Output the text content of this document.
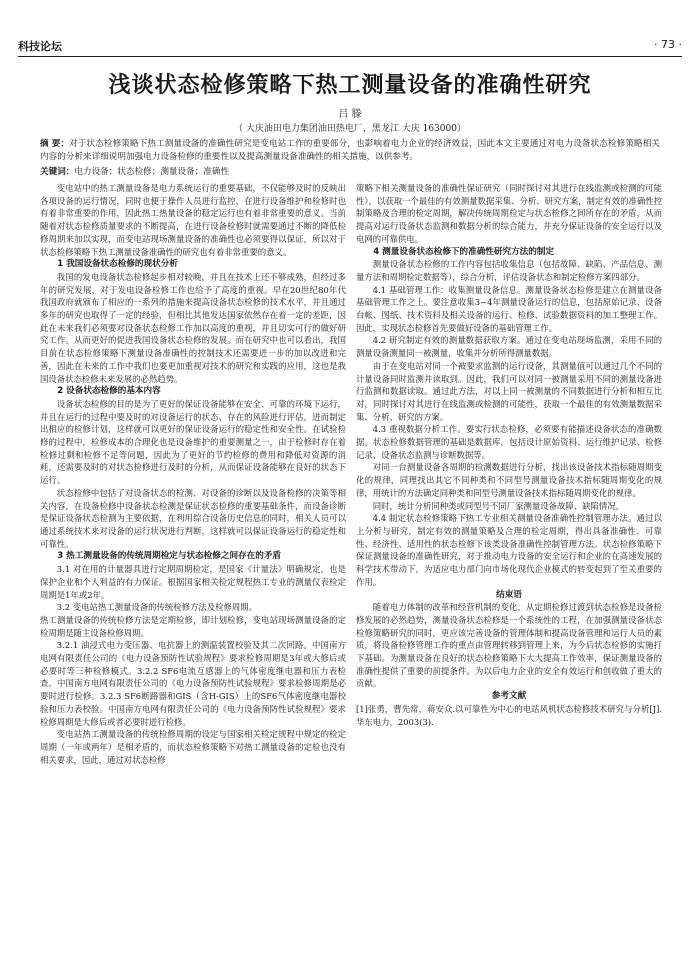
科技论坛	· 73 ·
浅谈状态检修策略下热工测量设备的准确性研究
吕 滕
（ 大庆油田电力集团油田热电厂，黑龙江 大庆 163000）
摘 要：对于状态检修策略下热工测量设备的准确性研究是变电站工作的重要部分，也影响着电力企业的经济效益，因此本文主要通过对电力设备状态检修策略相关内容的分析来详细说明加强电力设备检修的重要性以及提高测量设备准确性的相关措施，以供参考。
关键词：电力设备；状态检修；测量设备；准确性

变电站中的热工测量设备是电力系统运行的重要基础，不仅能够及时的反映出各项设备的运行情况，同时也便于操作人员进行监控，在进行设备维护和检修时也有着非常重要的作用，因此热工热量设备的稳定运行也有着非常重要的意义。当前随着对状态检修质量要求的不断提高，在进行设备检修时就需要通过不断的降低检修周期来加以实现，而变电站现场测量设备的准确性也必须要得以保证，所以对于状态检修策略下热工测量设备准确性的研究也有着非常重要的意义。

1 我国设备状态检修的现状分析

我国的发电设备状态检修起步相对较晚，并且在技术上还不够成熟，但经过多年的研究发展，对于发电设备检修工作也给予了高度的重视。早在20世纪80年代我国政府就颁布了相应的一系列的措施来提高设备状态检修的技术水平，并且通过多年的研究也取得了一定的经验，但相比其他发达国家依然存在着一定的差距，因此在未来我们必须要对设备状态检修工作加以高度的重视，并且切实可行的做好研究工作。从而更好的促进我国设备状态检修的发展。而在研究中也可以看出，我国目前在状态检修策略下测量设备准确性的控制技术还需要进一步的加以改进和完善，因此在未来的工作中我们也要更加重视对技术的研究和实践的应用，这也是我国设备状态检修未来发展的必然趋势。

2 设备状态检修的基本内容

设备状态检修的目的是为了更好的保证设备能够在安全、可靠的环境下运行，并且在运行的过程中要及时的对设备运行的状态、存在的风险进行评估，进而制定出相应的检修计划，这样就可以更好的保证设备运行的稳定性和安全性。在试验检修的过程中，检修成本的合理化也是设备维护的重要测量之一，由于检修时存在着检修过剩和检修不足等问题，因此为了更好的节约检修的费用和降低对资源的消耗，还需要及时的对状态检修进行及时的分析，从而保证设备能够在良好的状态下运行。

状态检修中包括了对设备状态的检测、对设备的诊断以及设备检修的决策等相关内容，在设备检修中设备状态检测是保证状态检修的重要基础条件，而设备诊断是保证设备状态检测为主要依据，在利用综合设备历史信息的同时，相关人员可以通过系统技术来对设备的运行状况进行判断，这样就可以保证设备运行的稳定性和可靠性。

3 热工测量设备的传统周期检定与状态检修之间存在的矛盾

3.1 对在用的计量器具进行定期周期检定，是国家《计量法》明确规定，也是保护企业和个人利益的有力保证。根据国家相关检定规程热工专业的测量仪表检定周期是1年或2年。

3.2 变电站热工测量设备的传统检修方法及检修周期。

热工测量设备的传统检修方法是定期检修，即计划检修，变电站现场测量设备的定检周期是随主设备检修周期。

3.2.1 油浸式电力变压器、电抗器上的测温装置校验及其二次回路。中国南方电网有限责任公司的《电力设备预防性试验规程》要求检修周期是3年或大修后或必要时等三种检修模式。3.2.2 SF6电流互感器上的气体密度继电器和压力表检查。中国南方电网有限责任公司的《电力设备预防性试验规程》要求检修周期是必要时进行检修。3.2.3 SF6断路器和GIS（含H-GIS）上的SF6气体密度继电器校验和压力表校验。中国南方电网有限责任公司的《电力设备预防性试验规程》要求检修周期是大修后或者必要时进行检修。

变电站热工测量设备的传统检修周期的设定与国家相关检定规程中规定的检定周期（一年或两年）是相矛盾的，而状态检修策略下对热工测量设备的定检也没有相关要求，因此，通过对状态检修

策略下相关测量设备的准确性保证研究（同时探讨对其进行在线监测或检测的可能性），以获取一个最佳的有效测量数据采集、分析、研究方案，制定有效的准确性控制策略及合理的检定周期，解决传统周期检定与状态检修之间所存在的矛盾，从而提高对运行设备状态监测和数据分析的综合能力，并充分保证设备的安全运行以及电网的可靠供电。

4 测量设备状态检修下的准确性研究方法的制定

测量设备状态检修的工作内容包括收集信息（包括故障、缺陷、产品信息、测量方法和周期检定数据等），综合分析，评估设备状态和制定检修方案四部分。

4.1 基础管理工作：收集测量设备信息。测量设备状态检修是建立在测量设备基础管理工作之上。要注意收集3~4年测量设备运行的信息，包括原始记录、设备台帐、图纸、技术资料及相关设备的运行、检修、试验数据资料的加工整理工作。因此，实现状态检修首先要做好设备的基础管理工作。

4.2 研究制定有效的测量数据获取方案。通过在变电站现场监测，采用不同的测量设备测量同一被测量，收集并分析所得测量数据。

由于在变电站对同一个被要求监测的运行设备，其测量值可以通过几个不同的计量设备同时监测并读取到。因此，我们可以对同一被测量采用不同的测量设备进行监测和数据读取。通过此方法，对以上同一被测量的不同数据进行分析和相互比对，同时探讨对其进行在线监测或检测的可能性，获取一个最佳的有效测量数据采集、分析、研究的方案。

4.3 重视数据分析工作。要实行状态检修，必须要有能描述设备状态的准确数据。状态检修数据管理的基础是数据库，包括设计原始资料、运行维护记录、检修记录、设备状态监测与诊断数据等。

对同一台测量设备各周期的检测数据进行分析，找出该设备技术指标随周期变化的规律，同理找出其它不同种类和不同型号测量设备技术指标随周期变化的规律，用统计的方法确定同种类和同型号测量设备技术指标随周期变化的规律。

同时，统计分析同种类或同型号不同厂家测量设备故障、缺陷情况。

4.4 制定状态检修策略下热工专业相关测量设备准确性控制管理办法。通过以上分析与研究，制定有效的测量策略及合理的检定周期，得出具备准确性、可靠性、经济性、适用性的状态检修下该类设备准确性控制管理方法。状态检修策略下保证测量设备的准确性研究，对于推动电力设备的安全运行和企业的在高速发展的科学技术带动下，为适应电力部门向市场化现代企业模式的转变起到了至关重要的作用。

结束语

随着电力体制的改革和经营机制的变化，从定期检修过渡到状态检修是设备检修发展的必然趋势，测量设备状态检修是一个系统性的工程，在加强测量设备状态检修策略研究的同时，更应该完善设备的管理体制和提高设备管理和运行人员的素质，将设备检修管理工作的重点由管理转移到管理上来，为今后状态检修的实施打下基础。为测量设备在良好的状态检修策略下大大提高工作效率，保证测量设备的准确性提供了重要的前提条件。为以后电力企业的安全有效运行和创收做了重大的贡献。

参考文献

[1]张勇，曹先常，蒋安众.以可靠性为中心的电站风机状态检修技术研究与分析[J].华东电力，2003(3).
